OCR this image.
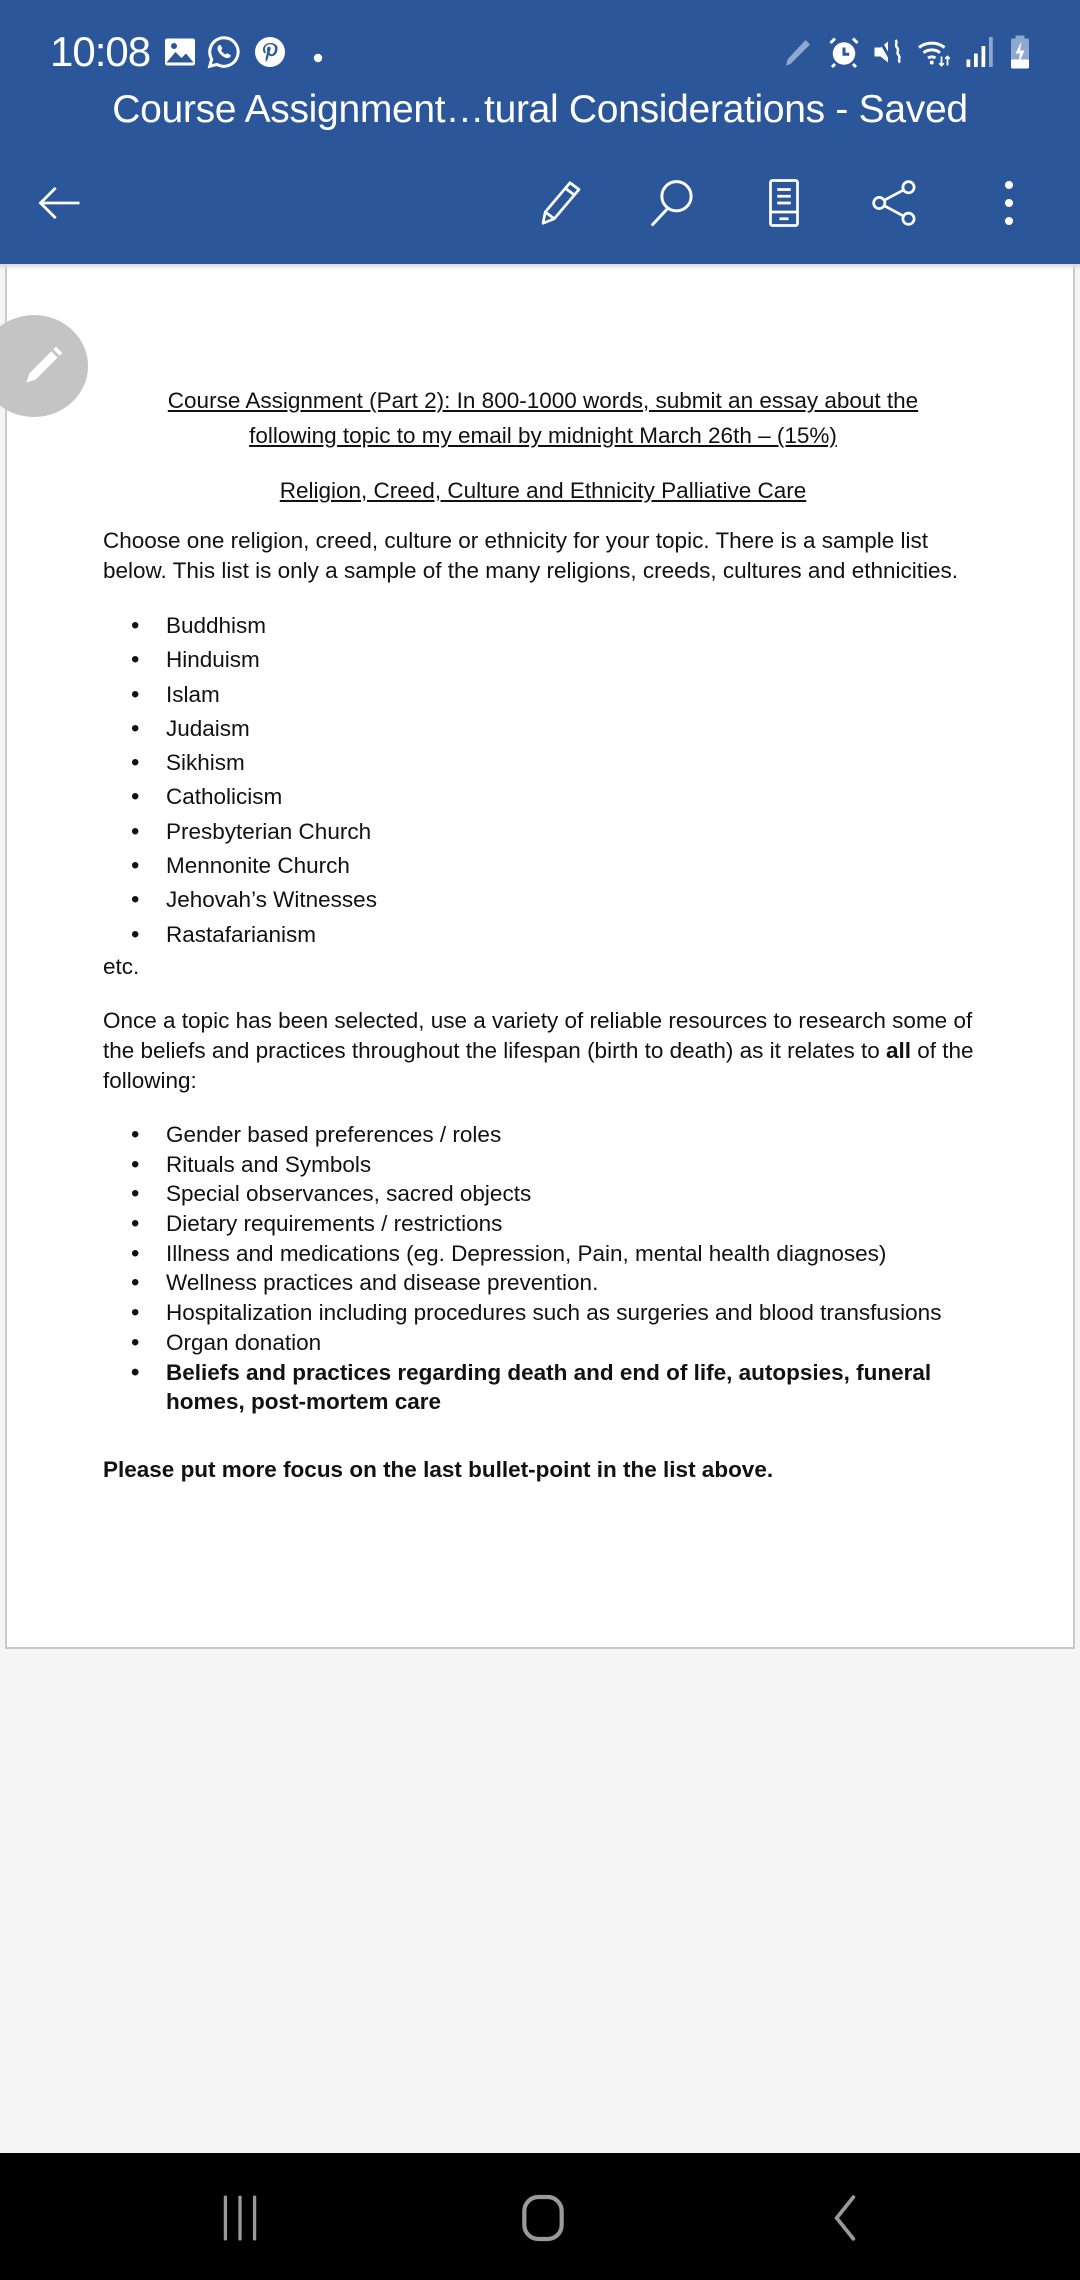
10:08
Course Assignment…tural Considerations - Saved
Course Assignment (Part 2): In 800-1000 words, submit an essay about the
following topic to my email by midnight March 26th – (15%)
Religion, Creed, Culture and Ethnicity Palliative Care

Choose one religion, creed, culture or ethnicity for your topic. There is a sample list below. This list is only a sample of the many religions, creeds, cultures and ethnicities.

• Buddhism
• Hinduism
• Islam
• Judaism
• Sikhism
• Catholicism
• Presbyterian Church
• Mennonite Church
• Jehovah’s Witnesses
• Rastafarianism

etc.

Once a topic has been selected, use a variety of reliable resources to research some of the beliefs and practices throughout the lifespan (birth to death) as it relates to all of the following:

• Gender based preferences / roles
• Rituals and Symbols
• Special observances, sacred objects
• Dietary requirements / restrictions
• Illness and medications (eg. Depression, Pain, mental health diagnoses)
• Wellness practices and disease prevention.
• Hospitalization including procedures such as surgeries and blood transfusions
• Organ donation
• Beliefs and practices regarding death and end of life, autopsies, funeral homes, post-mortem care

Please put more focus on the last bullet-point in the list above.
